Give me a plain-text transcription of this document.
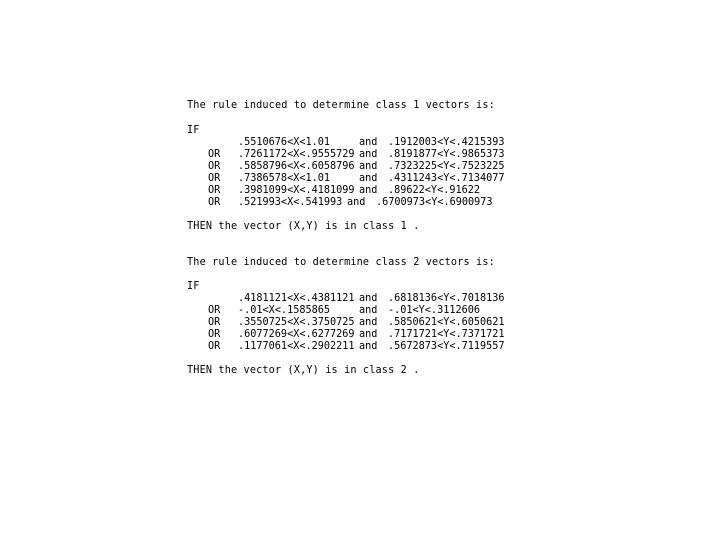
The rule induced to determine class 1 vectors is:
IF
.5510676<X<1.01	and .1912003<Y<.4215393
OR .7261172<X<.9555729 and .8191877<Y<.9865373
OR .5858796<X<.6058796 and .7323225<Y<.7523225
OR .7386578<X<1.01	and .4311243<Y<.7134077
OR .3981099<X<.4181099 and .89622<Y<.91622
OR .521993<X<.541993 and .6700973<Y<.6900973
THEN the vector (X,Y) is in class 1 .
The rule induced to determine class 2 vectors is:
IF
.4181121<X<.4381121 and .6818136<Y<.7018136
OR -.01<X<.1585865	and -.01<Y<.3112606
OR .3550725<X<.3750725 and .5850621<Y<.6050621
OR .6077269<X<.6277269 and .7171721<Y<.7371721
OR .1177061<X<.2902211 and .5672873<Y<.7119557
THEN the vector (X,Y) is in class 2 .
